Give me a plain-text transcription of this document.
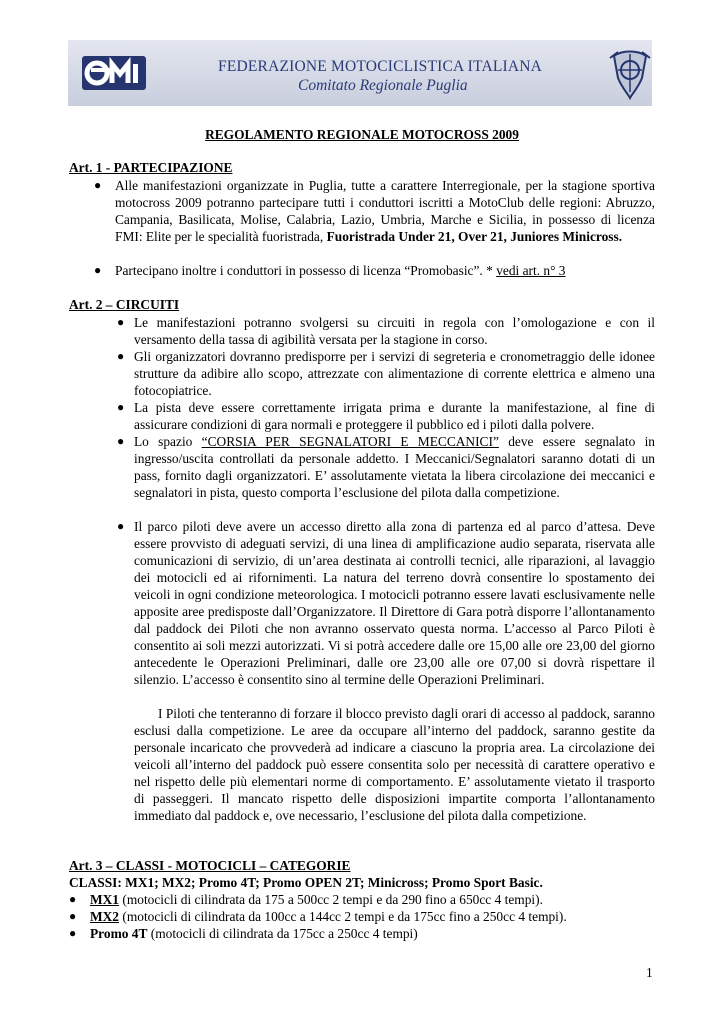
FEDERAZIONE MOTOCICLISTICA ITALIANA
Comitato Regionale Puglia
REGOLAMENTO REGIONALE MOTOCROSS 2009
Art. 1 - PARTECIPAZIONE
● Alle manifestazioni organizzate in Puglia, tutte a carattere Interregionale, per la stagione sportiva motocross 2009 potranno partecipare tutti i conduttori iscritti a MotoClub delle regioni: Abruzzo, Campania, Basilicata, Molise, Calabria, Lazio, Umbria, Marche e Sicilia, in possesso di licenza FMI: Elite per le specialità fuoristrada, Fuoristrada Under 21, Over 21, Juniores Minicross.
● Partecipano inoltre i conduttori in possesso di licenza “Promobasic”. * vedi art. n° 3
Art. 2 – CIRCUITI
● Le manifestazioni potranno svolgersi su circuiti in regola con l’omologazione e con il versamento della tassa di agibilità versata per la stagione in corso.
● Gli organizzatori dovranno predisporre per i servizi di segreteria e cronometraggio delle idonee strutture da adibire allo scopo, attrezzate con alimentazione di corrente elettrica e almeno una fotocopiatrice.
● La pista deve essere correttamente irrigata prima e durante la manifestazione, al fine di assicurare condizioni di gara normali e proteggere il pubblico ed i piloti dalla polvere.
● Lo spazio “CORSIA PER SEGNALATORI E MECCANICI” deve essere segnalato in ingresso/uscita controllati da personale addetto. I Meccanici/Segnalatori saranno dotati di un pass, fornito dagli organizzatori. E’ assolutamente vietata la libera circolazione dei meccanici e segnalatori in pista, questo comporta l’esclusione del pilota dalla competizione.
● Il parco piloti deve avere un accesso diretto alla zona di partenza ed al parco d’attesa. Deve essere provvisto di adeguati servizi, di una linea di amplificazione audio separata, riservata alle comunicazioni di servizio, di un’area destinata ai controlli tecnici, alle riparazioni, al lavaggio dei motocicli ed ai rifornimenti. La natura del terreno dovrà consentire lo spostamento dei veicoli in ogni condizione meteorologica. I motocicli potranno essere lavati esclusivamente nelle apposite aree predisposte dall’Organizzatore. Il Direttore di Gara potrà disporre l’allontanamento dal paddock dei Piloti che non avranno osservato questa norma. L’accesso al Parco Piloti è consentito ai soli mezzi autorizzati. Vi si potrà accedere dalle ore 15,00 alle ore 23,00 del giorno antecedente le Operazioni Preliminari, dalle ore 23,00 alle ore 07,00 si dovrà rispettare il silenzio. L’accesso è consentito sino al termine delle Operazioni Preliminari.
I Piloti che tenteranno di forzare il blocco previsto dagli orari di accesso al paddock, saranno esclusi dalla competizione. Le aree da occupare all’interno del paddock, saranno gestite da personale incaricato che provvederà ad indicare a ciascuno la propria area. La circolazione dei veicoli all’interno del paddock può essere consentita solo per necessità di carattere operativo e nel rispetto delle più elementari norme di comportamento. E’ assolutamente vietato il trasporto di passeggeri. Il mancato rispetto delle disposizioni impartite comporta l’allontanamento immediato dal paddock e, ove necessario, l’esclusione del pilota dalla competizione.
Art. 3 – CLASSI - MOTOCICLI – CATEGORIE
CLASSI: MX1; MX2; Promo 4T; Promo OPEN 2T; Minicross; Promo Sport Basic.
● MX1 (motocicli di cilindrata da 175 a 500cc 2 tempi e da 290 fino a 650cc 4 tempi).
● MX2 (motocicli di cilindrata da 100cc a 144cc 2 tempi e da 175cc fino a 250cc 4 tempi).
● Promo 4T (motocicli di cilindrata da 175cc a 250cc 4 tempi)
1
